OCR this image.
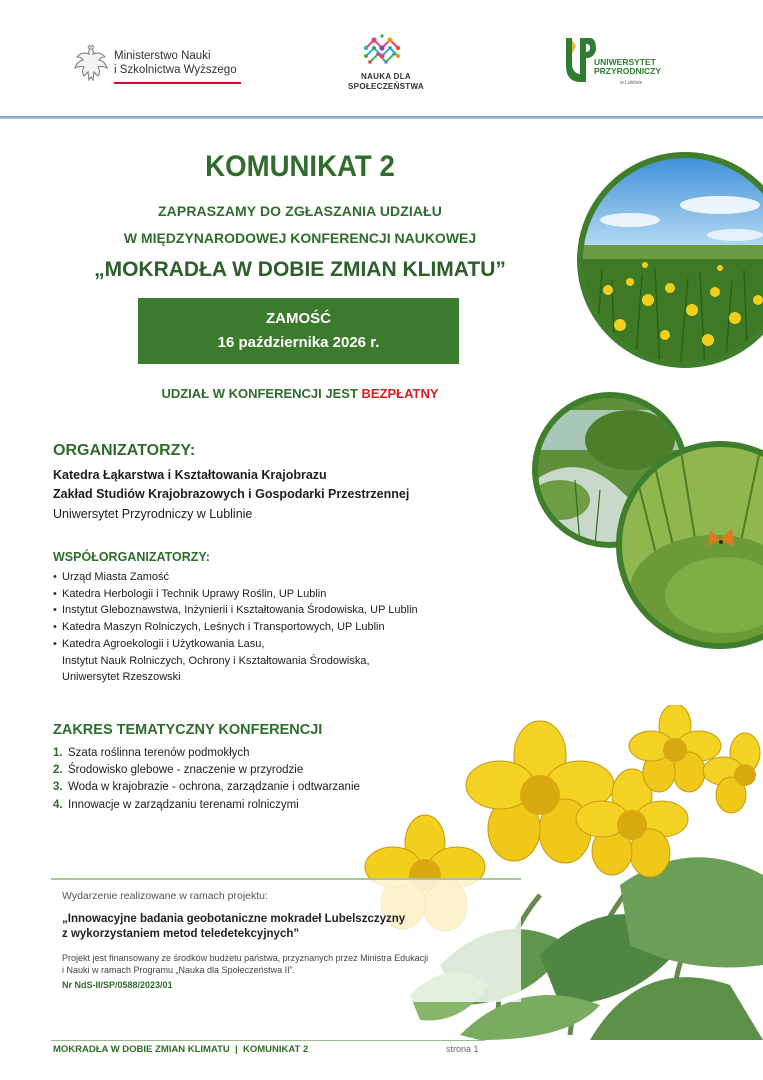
Ministerstwo Nauki
i Szkolnictwa Wyższego
NAUKA DLA
SPOŁECZEŃSTWA
UNIWERSYTET
PRZYRODNICZY
w Lublinie
KOMUNIKAT 2
ZAPRASZAMY DO ZGŁASZANIA UDZIAŁU
W MIĘDZYNARODOWEJ KONFERENCJI NAUKOWEJ
„MOKRADŁA W DOBIE ZMIAN KLIMATU”
ZAMOŚĆ
16 października 2026 r.
UDZIAŁ W KONFERENCJI JEST BEZPŁATNY
ORGANIZATORZY:
Katedra Łąkarstwa i Kształtowania Krajobrazu
Zakład Studiów Krajobrazowych i Gospodarki Przestrzennej
Uniwersytet Przyrodniczy w Lublinie
WSPÓŁORGANIZATORZY:
• Urząd Miasta Zamość
• Katedra Herbologii i Technik Uprawy Roślin, UP Lublin
• Instytut Gleboznawstwa, Inżynierii i Kształtowania Środowiska, UP Lublin
• Katedra Maszyn Rolniczych, Leśnych i Transportowych, UP Lublin
• Katedra Agroekologii i Użytkowania Lasu,
Instytut Nauk Rolniczych, Ochrony i Kształtowania Środowiska,
Uniwersytet Rzeszowski
ZAKRES TEMATYCZNY KONFERENCJI
1. Szata roślinna terenów podmokłych
2. Środowisko glebowe - znaczenie w przyrodzie
3. Woda w krajobrazie - ochrona, zarządzanie i odtwarzanie
4. Innowacje w zarządzaniu terenami rolniczymi
Wydarzenie realizowane w ramach projektu:
„Innowacyjne badania geobotaniczne mokradeł Lubelszczyzny
z wykorzystaniem metod teledetekcyjnych”
Projekt jest finansowany ze środków budżetu państwa, przyznanych przez Ministra Edukacji
i Nauki w ramach Programu „Nauka dla Społeczeństwa II”.
Nr NdS-II/SP/0588/2023/01
MOKRADŁA W DOBIE ZMIAN KLIMATU  |  KOMUNIKAT 2	strona 1
